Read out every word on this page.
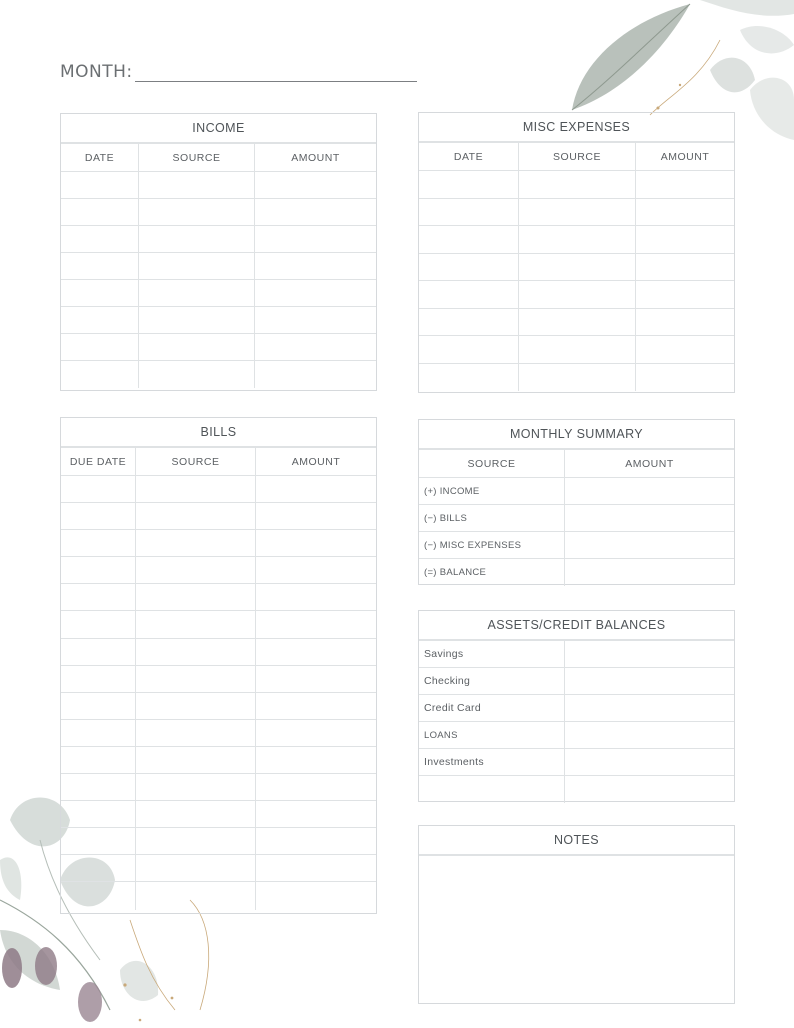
MONTH:
INCOME
DATE	SOURCE	AMOUNT
MISC EXPENSES
DATE	SOURCE	AMOUNT
BILLS
DUE DATE	SOURCE	AMOUNT
MONTHLY SUMMARY
SOURCE	AMOUNT
(+) INCOME
(−) BILLS
(−) MISC EXPENSES
(=) BALANCE
ASSETS/CREDIT BALANCES
Savings
Checking
Credit Card
LOANS
Investments
NOTES
